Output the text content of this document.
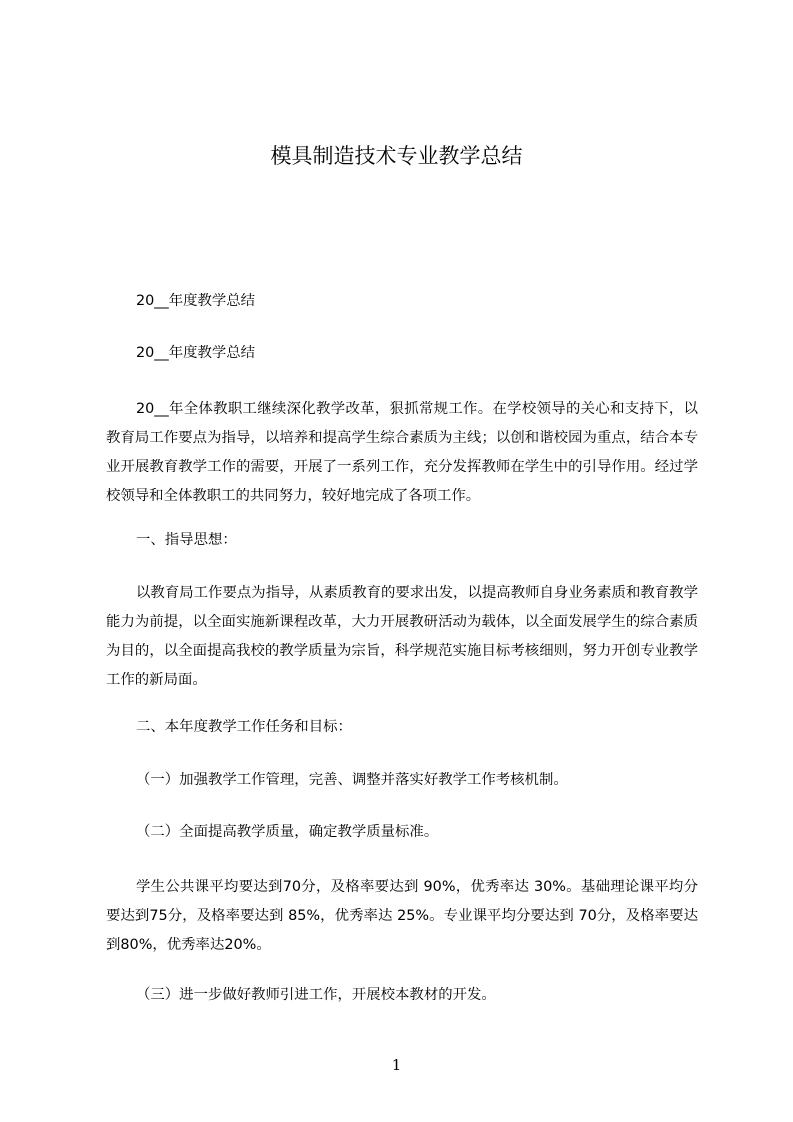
模具制造技术专业教学总结

20__年度教学总结

20__年度教学总结

20__年全体教职工继续深化教学改革，狠抓常规工作。在学校领导的关心和支持下，以教育局工作要点为指导，以培养和提高学生综合素质为主线；以创和谐校园为重点，结合本专业开展教育教学工作的需要，开展了一系列工作，充分发挥教师在学生中的引导作用。经过学校领导和全体教职工的共同努力，较好地完成了各项工作。

一、指导思想：

以教育局工作要点为指导，从素质教育的要求出发，以提高教师自身业务素质和教育教学能力为前提，以全面实施新课程改革，大力开展教研活动为载体，以全面发展学生的综合素质为目的，以全面提高我校的教学质量为宗旨，科学规范实施目标考核细则，努力开创专业教学工作的新局面。

二、本年度教学工作任务和目标：

（一）加强教学工作管理，完善、调整并落实好教学工作考核机制。

（二）全面提高教学质量，确定教学质量标准。

学生公共课平均要达到70分，及格率要达到 90%，优秀率达 30%。基础理论课平均分要达到75分，及格率要达到 85%，优秀率达 25%。专业课平均分要达到 70分，及格率要达到80%，优秀率达20%。

（三）进一步做好教师引进工作，开展校本教材的开发。

1
